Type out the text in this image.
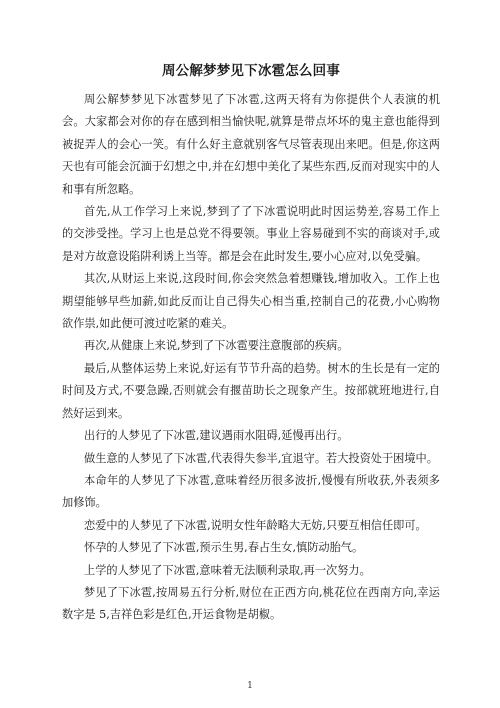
周公解梦梦见下冰雹怎么回事

周公解梦梦见下冰雹梦见了下冰雹,这两天将有为你提供个人表演的机会。大家都会对你的存在感到相当愉快呢,就算是带点坏坏的鬼主意也能得到被捉弄人的会心一笑。有什么好主意就别客气尽管表现出来吧。但是,你这两天也有可能会沉湎于幻想之中,并在幻想中美化了某些东西,反而对现实中的人和事有所忽略。

首先,从工作学习上来说,梦到了了下冰雹说明此时因运势差,容易工作上的交涉受挫。学习上也是总党不得要领。事业上容易碰到不实的商谈对手,或是对方故意设陷阱利诱上当等。都是会在此时发生,要小心应对,以免受骗。

其次,从财运上来说,这段时间,你会突然急着想赚钱,增加收入。工作上也期望能够早些加薪,如此反而让自己得失心相当重,控制自己的花费,小心购物欲作祟,如此便可渡过吃紧的难关。

再次,从健康上来说,梦到了下冰雹要注意腹部的疾病。

最后,从整体运势上来说,好运有节节升高的趋势。树木的生长是有一定的时间及方式,不要急躁,否则就会有揠苗助长之现象产生。按部就班地进行,自然好运到来。

出行的人梦见了下冰雹,建议遇雨水阻碍,延慢再出行。

做生意的人梦见了下冰雹,代表得失参半,宜退守。若大投资处于困境中。

本命年的人梦见了下冰雹,意味着经历很多波折,慢慢有所收获,外表须多加修饰。

恋爱中的人梦见了下冰雹,说明女性年龄略大无妨,只要互相信任即可。

怀孕的人梦见了下冰雹,预示生男,春占生女,慎防动胎气。

上学的人梦见了下冰雹,意味着无法顺利录取,再一次努力。

梦见了下冰雹,按周易五行分析,财位在正西方向,桃花位在西南方向,幸运数字是 5,吉祥色彩是红色,开运食物是胡椒。

1
